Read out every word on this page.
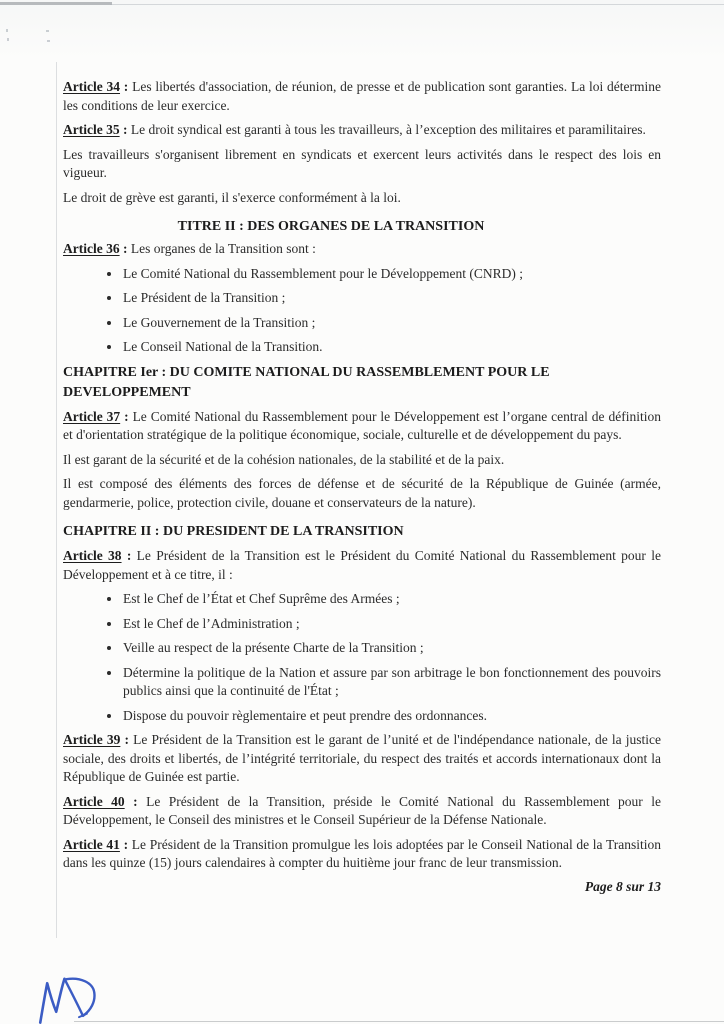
Article 34 : Les libertés d'association, de réunion, de presse et de publication sont garanties. La loi détermine les conditions de leur exercice.

Article 35 : Le droit syndical est garanti à tous les travailleurs, à l’exception des militaires et paramilitaires.

Les travailleurs s'organisent librement en syndicats et exercent leurs activités dans le respect des lois en vigueur.

Le droit de grève est garanti, il s'exerce conformément à la loi.

TITRE II : DES ORGANES DE LA TRANSITION

Article 36 : Les organes de la Transition sont :

• Le Comité National du Rassemblement pour le Développement (CNRD) ;
• Le Président de la Transition ;
• Le Gouvernement de la Transition ;
• Le Conseil National de la Transition.
CHAPITRE Ier : DU COMITE NATIONAL DU RASSEMBLEMENT POUR LE
DEVELOPPEMENT

Article 37 : Le Comité National du Rassemblement pour le Développement est l’organe central de définition et d'orientation stratégique de la politique économique, sociale, culturelle et de développement du pays.

Il est garant de la sécurité et de la cohésion nationales, de la stabilité et de la paix.

Il est composé des éléments des forces de défense et de sécurité de la République de Guinée (armée, gendarmerie, police, protection civile, douane et conservateurs de la nature).

CHAPITRE II : DU PRESIDENT DE LA TRANSITION

Article 38 : Le Président de la Transition est le Président du Comité National du Rassemblement pour le Développement et à ce titre, il :

• Est le Chef de l’État et Chef Suprême des Armées ;
• Est le Chef de l’Administration ;
• Veille au respect de la présente Charte de la Transition ;
• Détermine la politique de la Nation et assure par son arbitrage le bon fonctionnement des pouvoirs publics ainsi que la continuité de l'État ;
• Dispose du pouvoir règlementaire et peut prendre des ordonnances.

Article 39 : Le Président de la Transition est le garant de l’unité et de l'indépendance nationale, de la justice sociale, des droits et libertés, de l’intégrité territoriale, du respect des traités et accords internationaux dont la République de Guinée est partie.

Article 40 : Le Président de la Transition, préside le Comité National du Rassemblement pour le Développement, le Conseil des ministres et le Conseil Supérieur de la Défense Nationale.

Article 41 : Le Président de la Transition promulgue les lois adoptées par le Conseil National de la Transition dans les quinze (15) jours calendaires à compter du huitième jour franc de leur transmission.

Page 8 sur 13
